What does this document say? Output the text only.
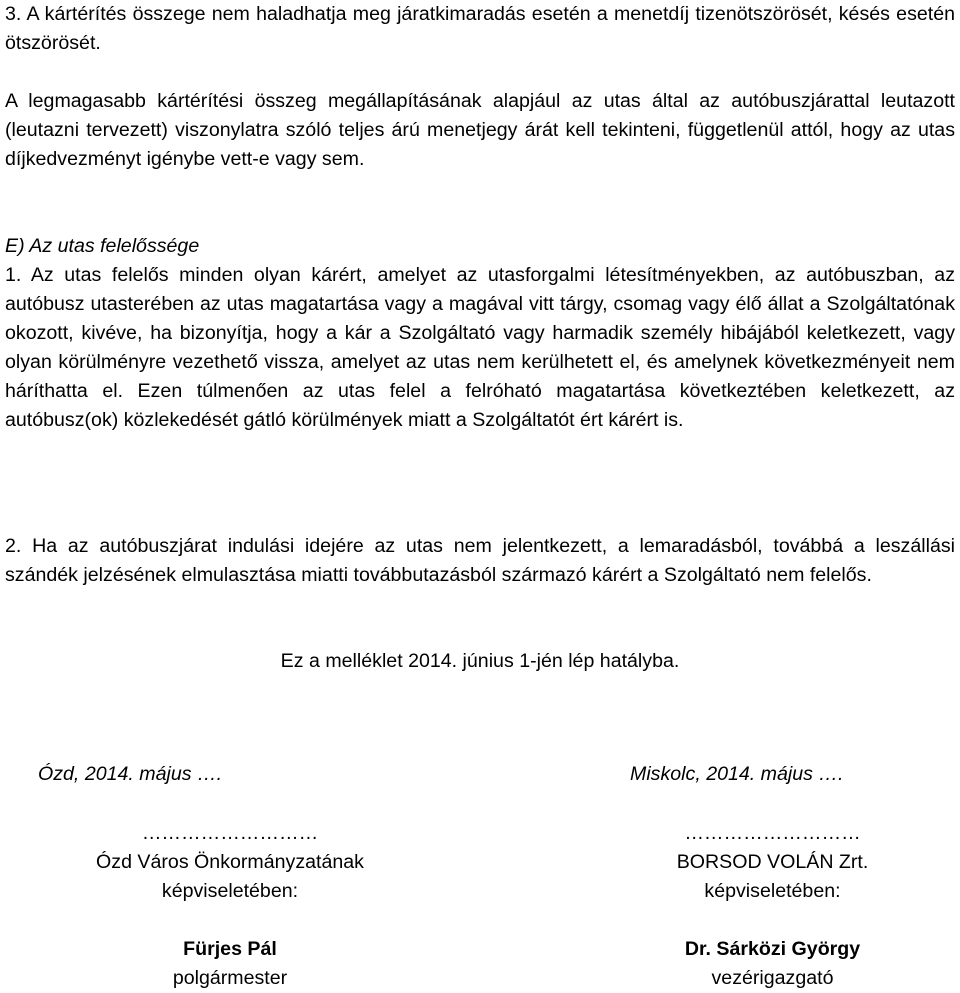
3. A kártérítés összege nem haladhatja meg járatkimaradás esetén a menetdíj tizenötszörösét, késés esetén ötszörösét.

A legmagasabb kártérítési összeg megállapításának alapjául az utas által az autóbuszjárattal leutazott (leutazni tervezett) viszonylatra szóló teljes árú menetjegy árát kell tekinteni, függetlenül attól, hogy az utas díjkedvezményt igénybe vett-e vagy sem.

E) Az utas felelőssége

1. Az utas felelős minden olyan kárért, amelyet az utasforgalmi létesítményekben, az autóbuszban, az autóbusz utasterében az utas magatartása vagy a magával vitt tárgy, csomag vagy élő állat a Szolgáltatónak okozott, kivéve, ha bizonyítja, hogy a kár a Szolgáltató vagy harmadik személy hibájából keletkezett, vagy olyan körülményre vezethető vissza, amelyet az utas nem kerülhetett el, és amelynek következményeit nem háríthatta el. Ezen túlmenően az utas felel a felróható magatartása következtében keletkezett, az autóbusz(ok) közlekedését gátló körülmények miatt a Szolgáltatót ért kárért is.

2. Ha az autóbuszjárat indulási idejére az utas nem jelentkezett, a lemaradásból, továbbá a leszállási szándék jelzésének elmulasztása miatti továbbutazásból származó kárért a Szolgáltató nem felelős.

Ez a melléklet 2014. június 1-jén lép hatályba.

Ózd, 2014. május ….
………………………
Ózd Város Önkormányzatának
képviseletében:
Fürjes Pál
polgármester
Miskolc, 2014. május ….
………………………
BORSOD VOLÁN Zrt.
képviseletében:
Dr. Sárközi György
vezérigazgató
